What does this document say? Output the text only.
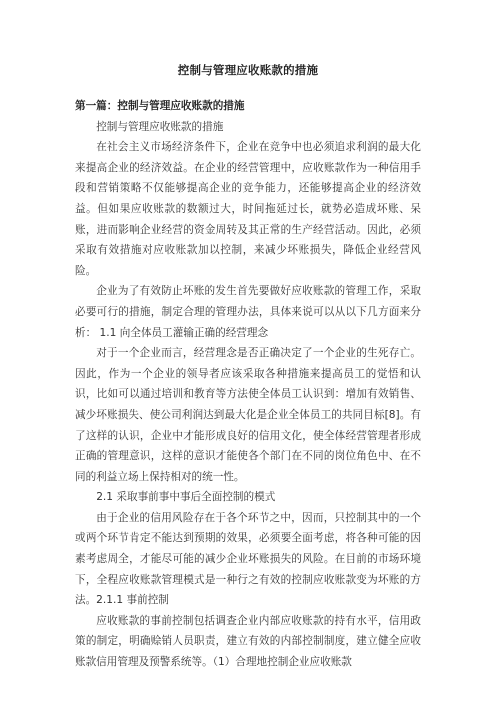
控制与管理应收账款的措施

第一篇：控制与管理应收账款的措施

控制与管理应收账款的措施

在社会主义市场经济条件下，企业在竞争中也必须追求利润的最大化来提高企业的经济效益。在企业的经营管理中，应收账款作为一种信用手段和营销策略不仅能够提高企业的竞争能力，还能够提高企业的经济效益。但如果应收账款的数额过大，时间拖延过长，就势必造成坏账、呆账，进而影响企业经营的资金周转及其正常的生产经营活动。因此，必须采取有效措施对应收账款加以控制，来减少坏账损失，降低企业经营风险。

企业为了有效防止坏账的发生首先要做好应收账款的管理工作，采取必要可行的措施，制定合理的管理办法，具体来说可以从以下几方面来分析： 1.1 向全体员工灌输正确的经营理念

对于一个企业而言，经营理念是否正确决定了一个企业的生死存亡。因此，作为一个企业的领导者应该采取各种措施来提高员工的觉悟和认识，比如可以通过培训和教育等方法使全体员工认识到：增加有效销售、减少坏账损失、使公司利润达到最大化是企业全体员工的共同目标[8]。有了这样的认识，企业中才能形成良好的信用文化，使全体经营管理者形成正确的管理意识，这样的意识才能使各个部门在不同的岗位角色中、在不同的利益立场上保持相对的统一性。

2.1 采取事前事中事后全面控制的模式

由于企业的信用风险存在于各个环节之中，因而，只控制其中的一个或两个环节肯定不能达到预期的效果，必须要全面考虑，将各种可能的因素考虑周全，才能尽可能的减少企业坏账损失的风险。在目前的市场环境下，全程应收账款管理模式是一种行之有效的控制应收账款变为坏账的方法。2.1.1 事前控制

应收账款的事前控制包括调查企业内部应收账款的持有水平，信用政策的制定，明确赊销人员职责，建立有效的内部控制制度，建立健全应收账款信用管理及预警系统等。（1）合理地控制企业应收账款
